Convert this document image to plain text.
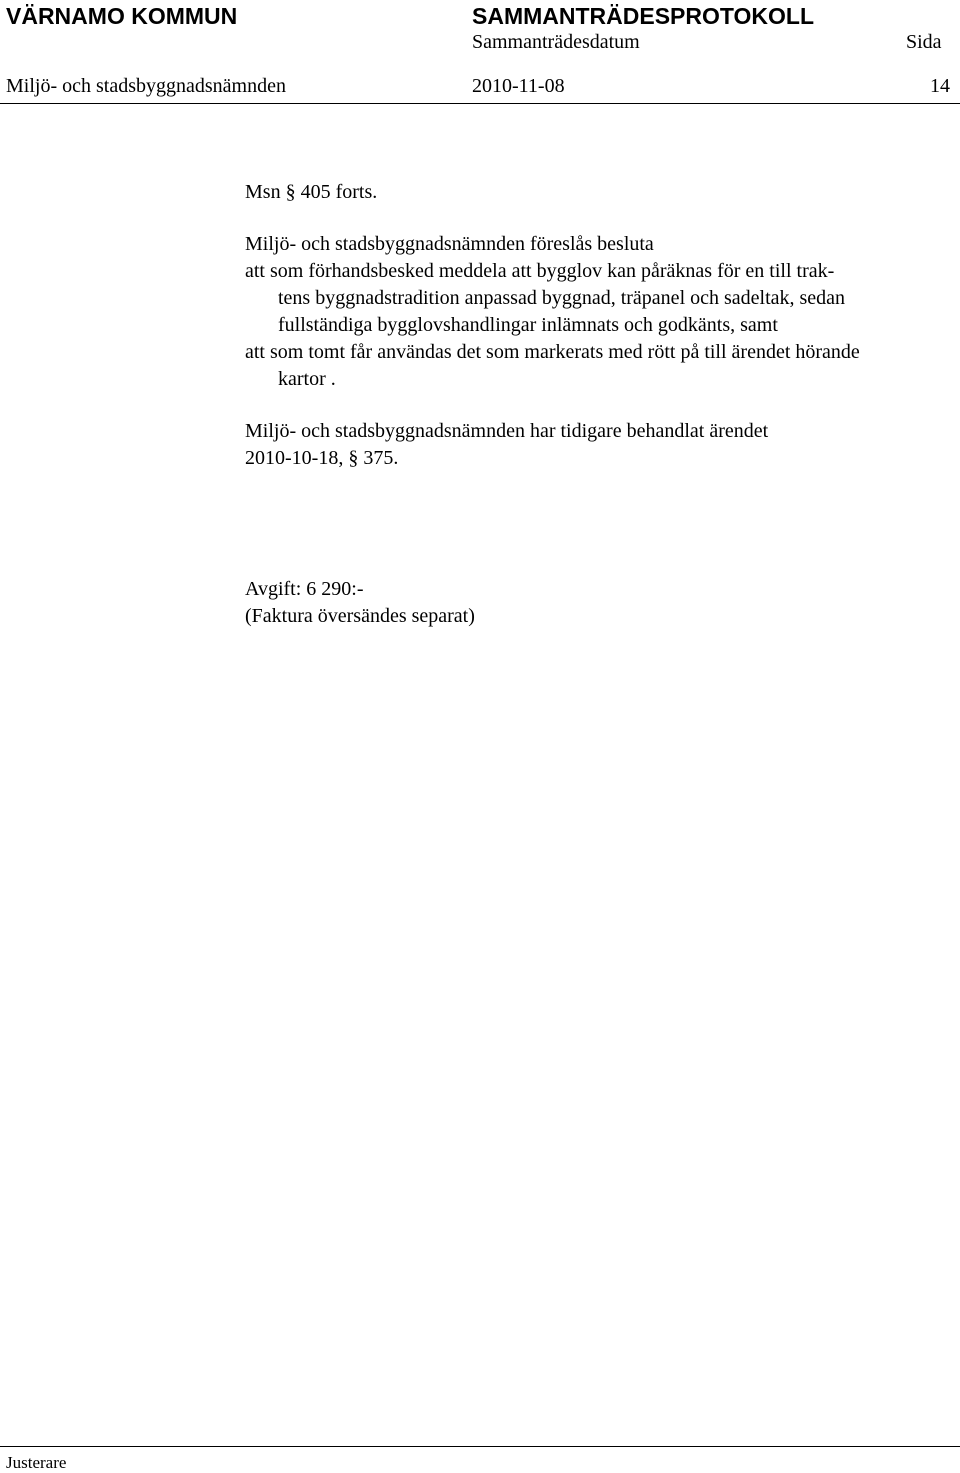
VÄRNAMO KOMMUN	SAMMANTRÄDESPROTOKOLL
Sammanträdesdatum	Sida
Miljö- och stadsbyggnadsnämnden	2010-11-08	14
Msn § 405 forts.
Miljö- och stadsbyggnadsnämnden föreslås besluta
att som förhandsbesked meddela att bygglov kan påräknas för en till trak-
tens byggnadstradition anpassad byggnad, träpanel och sadeltak, sedan
fullständiga bygglovshandlingar inlämnats och godkänts, samt
att som tomt får användas det som markerats med rött på till ärendet hörande
kartor .
Miljö- och stadsbyggnadsnämnden har tidigare behandlat ärendet
2010-10-18, § 375.
Avgift: 6 290:-
(Faktura översändes separat)
Justerare
